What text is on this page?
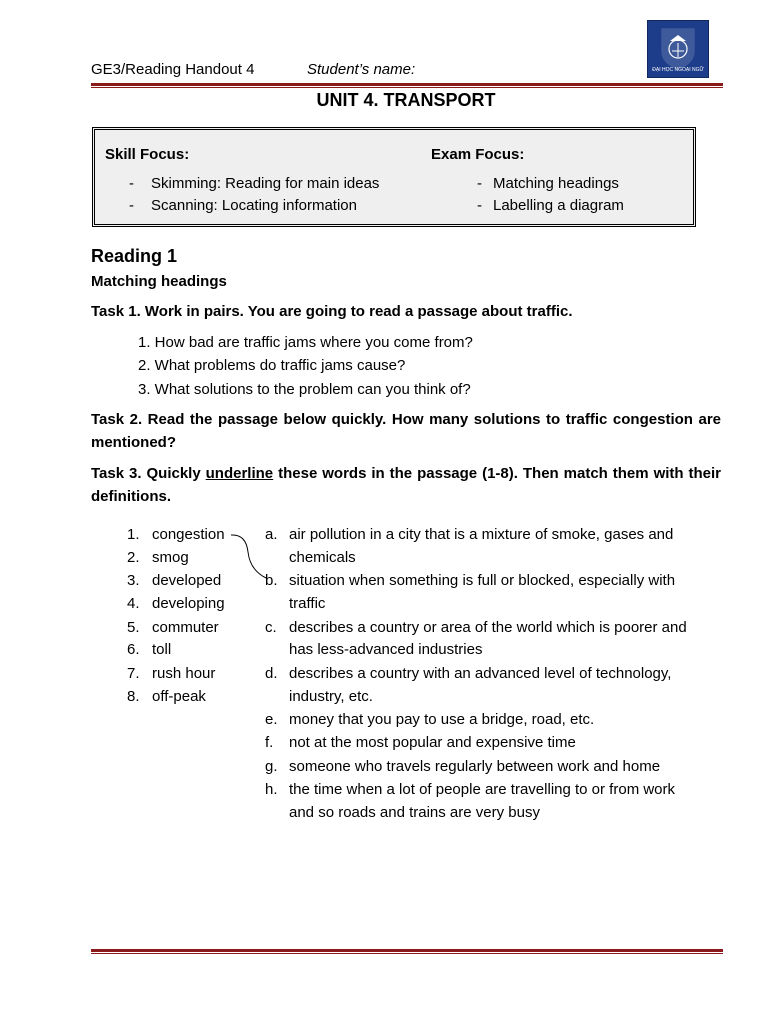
ĐẠI HỌC NGOẠI NGỮ
GE3/Reading Handout 4	Student’s name:
UNIT 4. TRANSPORT
Skill Focus:
- Skimming: Reading for main ideas
- Scanning: Locating information
Exam Focus:
- Matching headings
- Labelling a diagram
Reading 1
Matching headings
Task 1. Work in pairs. You are going to read a passage about traffic.
1. How bad are traffic jams where you come from?
2. What problems do traffic jams cause?
3. What solutions to the problem can you think of?
Task 2. Read the passage below quickly. How many solutions to traffic congestion are
mentioned?
Task 3. Quickly underline these words in the passage (1-8). Then match them with their
definitions.
1. congestion
2. smog
3. developed
4. developing
5. commuter
6. toll
7. rush hour
8. off-peak
a. air pollution in a city that is a mixture of smoke, gases and
chemicals
b. situation when something is full or blocked, especially with
traffic
c. describes a country or area of the world which is poorer and
has less-advanced industries
d. describes a country with an advanced level of technology,
industry, etc.
e. money that you pay to use a bridge, road, etc.
f. not at the most popular and expensive time
g. someone who travels regularly between work and home
h. the time when a lot of people are travelling to or from work
and so roads and trains are very busy
